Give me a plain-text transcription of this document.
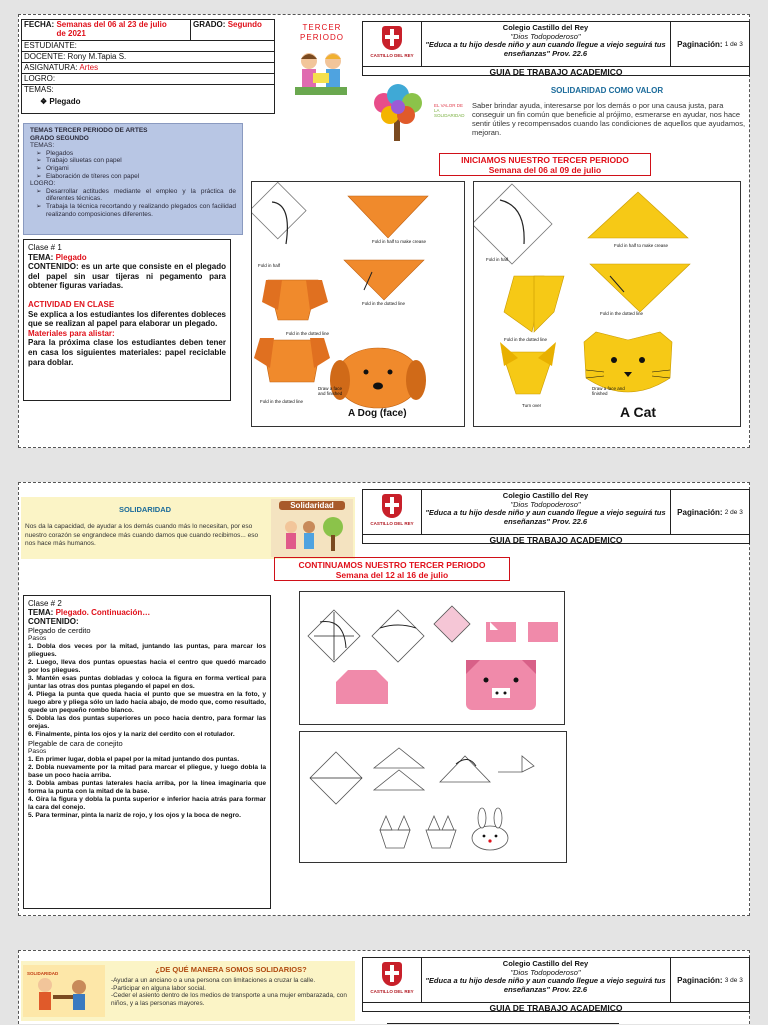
FECHA: Semanas del 06 al 23 de julio de 2021
GRADO: Segundo
ESTUDIANTE:
DOCENTE: Rony M.Tapia S.
ASIGNATURA: Artes
LOGRO:
TEMAS:
❖ Plegado
TERCER PERIODO
CASTILLO DEL REY
Colegio Castillo del Rey
"Dios Todopoderoso"
"Educa a tu hijo desde niño y aun cuando llegue a viejo seguirá tus enseñanzas" Prov. 22.6
Paginación:
1 de 3
GUIA DE TRABAJO ACADEMICO
EL VALOR DE
LA SOLIDARIDAD
SOLIDARIDAD COMO VALOR
Saber brindar ayuda, interesarse por los demás o por una causa justa, para conseguir un fin común que beneficie al prójimo, esmerarse en ayudar, nos hace sentir útiles y recompensados cuando las condiciones de aquellos que ayudamos, mejoran.
TEMAS TERCER PERIODO DE ARTES
GRADO SEGUNDO
TEMAS:
➢ Plegados
➢ Trabajo siluetas con papel
➢ Origami
➢ Elaboración de títeres con papel
LOGRO:
➢ Desarrollar actitudes mediante el empleo y la práctica de diferentes técnicas.
➢ Trabaja la técnica recortando y realizando plegados con facilidad realizando composiciones diferentes.
Clase # 1
TEMA: Plegado
CONTENIDO: es un arte que consiste en el plegado del papel sin usar tijeras ni pegamento para obtener figuras variadas.
ACTIVIDAD EN CLASE
Se explica a los estudiantes los diferentes dobleces que se realizan al papel para elaborar un plegado.
Materiales para alistar:
Para la próxima clase los estudiantes deben tener en casa los siguientes materiales: papel reciclable para doblar.
INICIAMOS NUESTRO TERCER PERIODO
Semana del 06 al 09 de julio
Fold in half
Fold in half to make crease
Fold in the dotted line
Fold in the dotted line
Fold in the dotted line
Draw a face and finished
A Dog (face)
Fold in half
Fold in half to make crease
Fold in the dotted line
Fold in the dotted line
Turn over
Draw a face and finished
A Cat
SOLIDARIDAD
Nos da la capacidad, de ayudar a los demás cuando más lo necesitan, por eso nuestro corazón se engrandece más cuando damos que cuando recibimos... eso nos hace más humanos.
Solidaridad
CASTILLO DEL REY
Colegio Castillo del Rey
"Dios Todopoderoso"
"Educa a tu hijo desde niño y aun cuando llegue a viejo seguirá tus enseñanzas" Prov. 22.6
Paginación:
2 de 3
GUIA DE TRABAJO ACADEMICO
CONTINUAMOS NUESTRO TERCER PERIODO
Semana del 12 al 16 de julio
Clase # 2
TEMA: Plegado. Continuación…
CONTENIDO:
Plegado de cerdito
Pasos
1. Dobla dos veces por la mitad, juntando las puntas, para marcar los pliegues.
2. Luego, lleva dos puntas opuestas hacia el centro que quedó marcado por los pliegues.
3. Mantén esas puntas dobladas y coloca la figura en forma vertical para juntar las otras dos puntas plegando el papel en dos.
4. Pliega la punta que queda hacia el punto que se muestra en la foto, y luego abre y pliega sólo un lado hacia abajo, de modo que, como resultado, quede un pequeño rombo blanco.
5. Dobla las dos puntas superiores un poco hacia dentro, para formar las orejas.
6. Finalmente, pinta los ojos y la nariz del cerdito con el rotulador.
Plegable de cara de conejito
Pasos
1. En primer lugar, dobla el papel por la mitad juntando dos puntas.
2. Dobla nuevamente por la mitad para marcar el pliegue, y luego dobla la base un poco hacia arriba.
3. Dobla ambas puntas laterales hacia arriba, por la línea imaginaria que forma la punta con la mitad de la base.
4. Gira la figura y dobla la punta superior e inferior hacia atrás para formar la cara del conejo.
5. Para terminar, pinta la nariz de rojo, y los ojos y la boca de negro.
SOLIDARIDAD	¿DE QUÉ MANERA SOMOS SOLIDARIOS?
-Ayudar a un anciano o a una persona con limitaciones a cruzar la calle.
-Participar en alguna labor social.
-Ceder el asiento dentro de los medios de transporte a una mujer embarazada, con niños, y a las personas mayores.
CASTILLO DEL REY
Colegio Castillo del Rey
"Dios Todopoderoso"
"Educa a tu hijo desde niño y aun cuando llegue a viejo seguirá tus enseñanzas" Prov. 22.6
Paginación:
3 de 3
GUIA DE TRABAJO ACADEMICO
